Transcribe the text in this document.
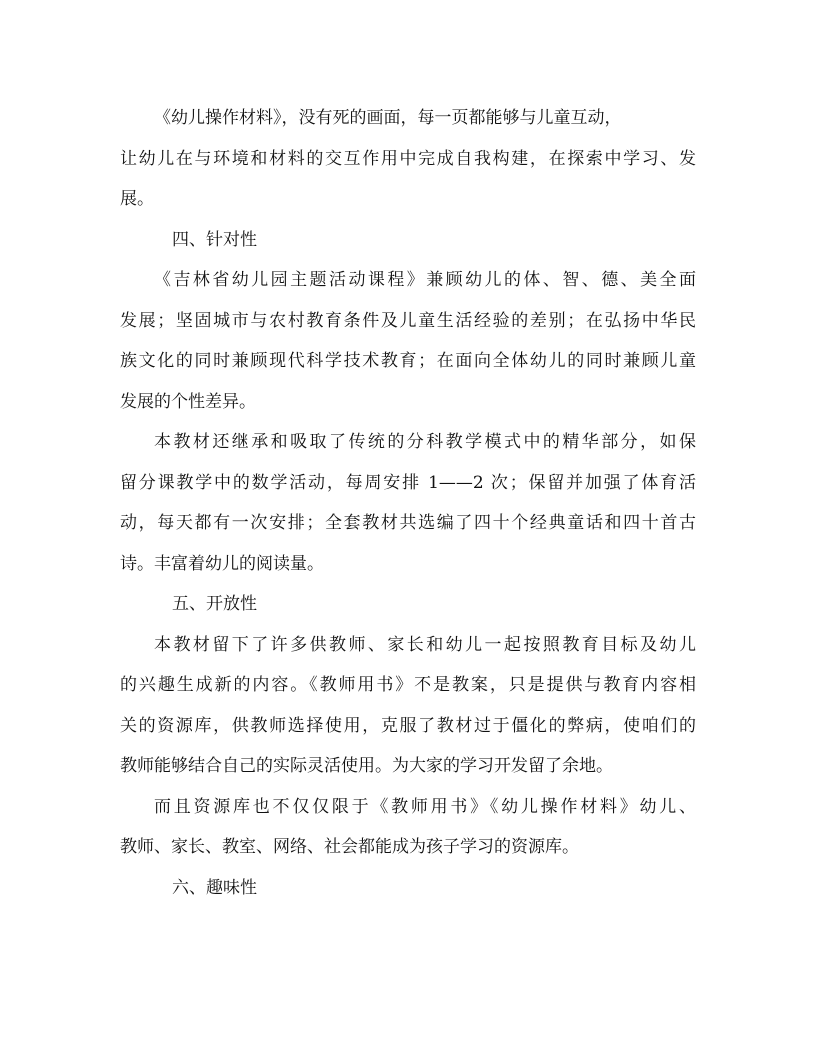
《幼儿操作材料》，没有死的画面，每一页都能够与儿童互动，
让幼儿在与环境和材料的交互作用中完成自我构建，在探索中学习、发
展。

四、针对性

《吉林省幼儿园主题活动课程》兼顾幼儿的体、智、德、美全面
发展；坚固城市与农村教育条件及儿童生活经验的差别；在弘扬中华民
族文化的同时兼顾现代科学技术教育；在面向全体幼儿的同时兼顾儿童
发展的个性差异。

本教材还继承和吸取了传统的分科教学模式中的精华部分，如保
留分课教学中的数学活动，每周安排 1——2 次；保留并加强了体育活
动，每天都有一次安排；全套教材共选编了四十个经典童话和四十首古
诗。丰富着幼儿的阅读量。

五、开放性

本教材留下了许多供教师、家长和幼儿一起按照教育目标及幼儿
的兴趣生成新的内容。《教师用书》不是教案，只是提供与教育内容相
关的资源库，供教师选择使用，克服了教材过于僵化的弊病，使咱们的
教师能够结合自己的实际灵活使用。为大家的学习开发留了余地。

而且资源库也不仅仅限于《教师用书》《幼儿操作材料》幼儿、
教师、家长、教室、网络、社会都能成为孩子学习的资源库。

六、趣味性
